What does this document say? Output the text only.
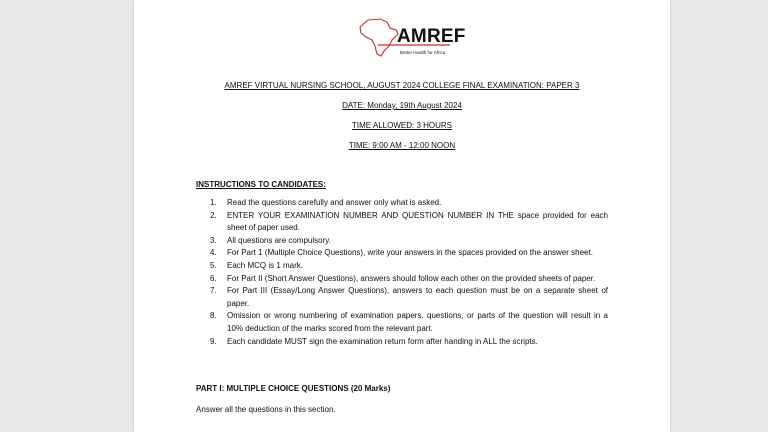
AMREF
Better Health for Africa
AMREF VIRTUAL NURSING SCHOOL, AUGUST 2024 COLLEGE FINAL EXAMINATION: PAPER 3
DATE: Monday, 19th August 2024
TIME ALLOWED: 3 HOURS
TIME: 9:00 AM - 12:00 NOON
INSTRUCTIONS TO CANDIDATES:
1. Read the questions carefully and answer only what is asked.
2. ENTER YOUR EXAMINATION NUMBER AND QUESTION NUMBER IN THE space provided for each sheet of paper used.
3. All questions are compulsory.
4. For Part 1 (Multiple Choice Questions), write your answers in the spaces provided on the answer sheet.
5. Each MCQ is 1 mark.
6. For Part II (Short Answer Questions), answers should follow each other on the provided sheets of paper.
7. For Part III (Essay/Long Answer Questions), answers to each question must be on a separate sheet of paper.
8. Omission or wrong numbering of examination papers, questions, or parts of the question will result in a 10% deduction of the marks scored from the relevant part.
9. Each candidate MUST sign the examination return form after handing in ALL the scripts.
PART I: MULTIPLE CHOICE QUESTIONS (20 Marks)
Answer all the questions in this section.
